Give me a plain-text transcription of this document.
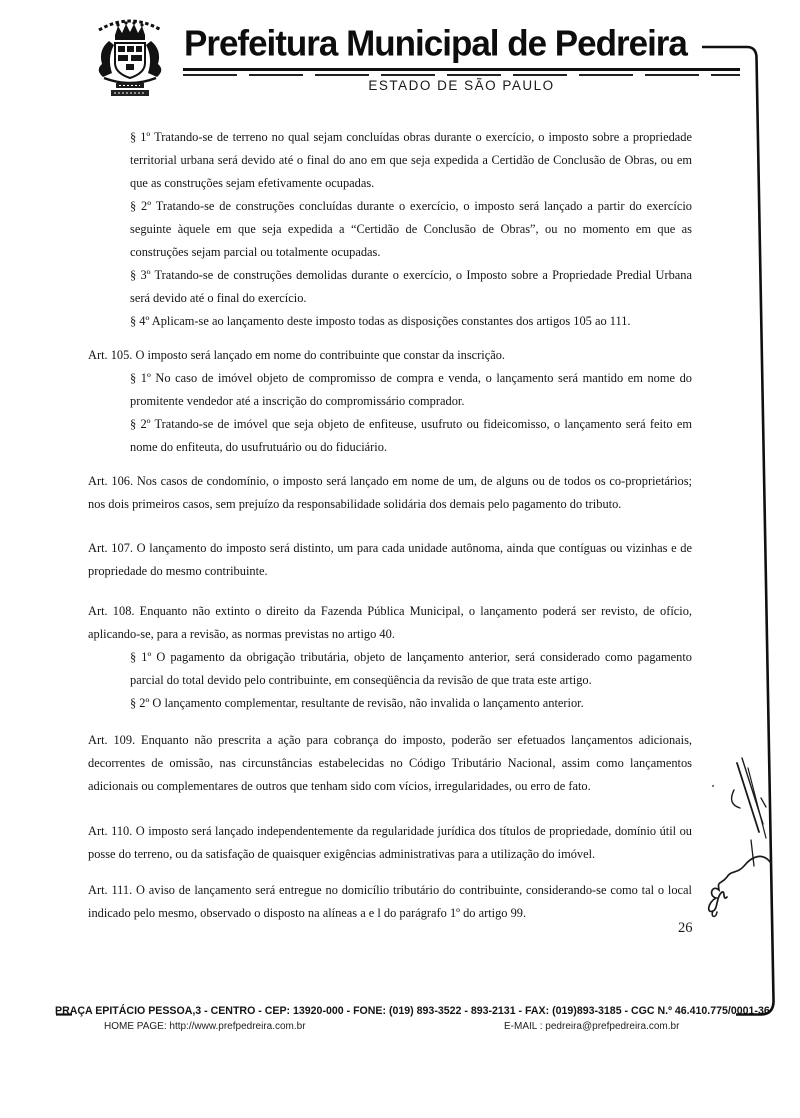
Prefeitura Municipal de Pedreira
ESTADO DE SÃO PAULO

§ 1º Tratando-se de terreno no qual sejam concluídas obras durante o exercício, o imposto sobre a propriedade territorial urbana será devido até o final do ano em que seja expedida a Certidão de Conclusão de Obras, ou em que as construções sejam efetivamente ocupadas.

§ 2º Tratando-se de construções concluídas durante o exercício, o imposto será lançado a partir do exercício seguinte àquele em que seja expedida a “Certidão de Conclusão de Obras”, ou no momento em que as construções sejam parcial ou totalmente ocupadas.

§ 3º Tratando-se de construções demolidas durante o exercício, o Imposto sobre a Propriedade Predial Urbana será devido até o final do exercício.

§ 4º Aplicam-se ao lançamento deste imposto todas as disposições constantes dos artigos 105 ao 111.

Art. 105. O imposto será lançado em nome do contribuinte que constar da inscrição.

§ 1º No caso de imóvel objeto de compromisso de compra e venda, o lançamento será mantido em nome do promitente vendedor até a inscrição do compromissário comprador.

§ 2º Tratando-se de imóvel que seja objeto de enfiteuse, usufruto ou fideicomisso, o lançamento será feito em nome do enfiteuta, do usufrutuário ou do fiduciário.

Art. 106. Nos casos de condomínio, o imposto será lançado em nome de um, de alguns ou de todos os co-proprietários; nos dois primeiros casos, sem prejuízo da responsabilidade solidária dos demais pelo pagamento do tributo.

Art. 107. O lançamento do imposto será distinto, um para cada unidade autônoma, ainda que contíguas ou vizinhas e de propriedade do mesmo contribuinte.

Art. 108. Enquanto não extinto o direito da Fazenda Pública Municipal, o lançamento poderá ser revisto, de ofício, aplicando-se, para a revisão, as normas previstas no artigo 40.

§ 1º O pagamento da obrigação tributária, objeto de lançamento anterior, será considerado como pagamento parcial do total devido pelo contribuinte, em conseqüência da revisão de que trata este artigo.

§ 2º O lançamento complementar, resultante de revisão, não invalida o lançamento anterior.

Art. 109. Enquanto não prescrita a ação para cobrança do imposto, poderão ser efetuados lançamentos adicionais, decorrentes de omissão, nas circunstâncias estabelecidas no Código Tributário Nacional, assim como lançamentos adicionais ou complementares de outros que tenham sido com vícios, irregularidades, ou erro de fato.

Art. 110. O imposto será lançado independentemente da regularidade jurídica dos títulos de propriedade, domínio útil ou posse do terreno, ou da satisfação de quaisquer exigências administrativas para a utilização do imóvel.

Art. 111. O aviso de lançamento será entregue no domicílio tributário do contribuinte, considerando-se como tal o local indicado pelo mesmo, observado o disposto na alíneas a e l do parágrafo 1º do artigo 99.

26
PRAÇA EPITÁCIO PESSOA,3 - CENTRO - CEP: 13920-000 - FONE: (019) 893-3522 - 893-2131 - FAX: (019)893-3185 - CGC N.º 46.410.775/0001-36
HOME PAGE: http://www.prefpedreira.com.br	E-MAIL : pedreira@prefpedreira.com.br
